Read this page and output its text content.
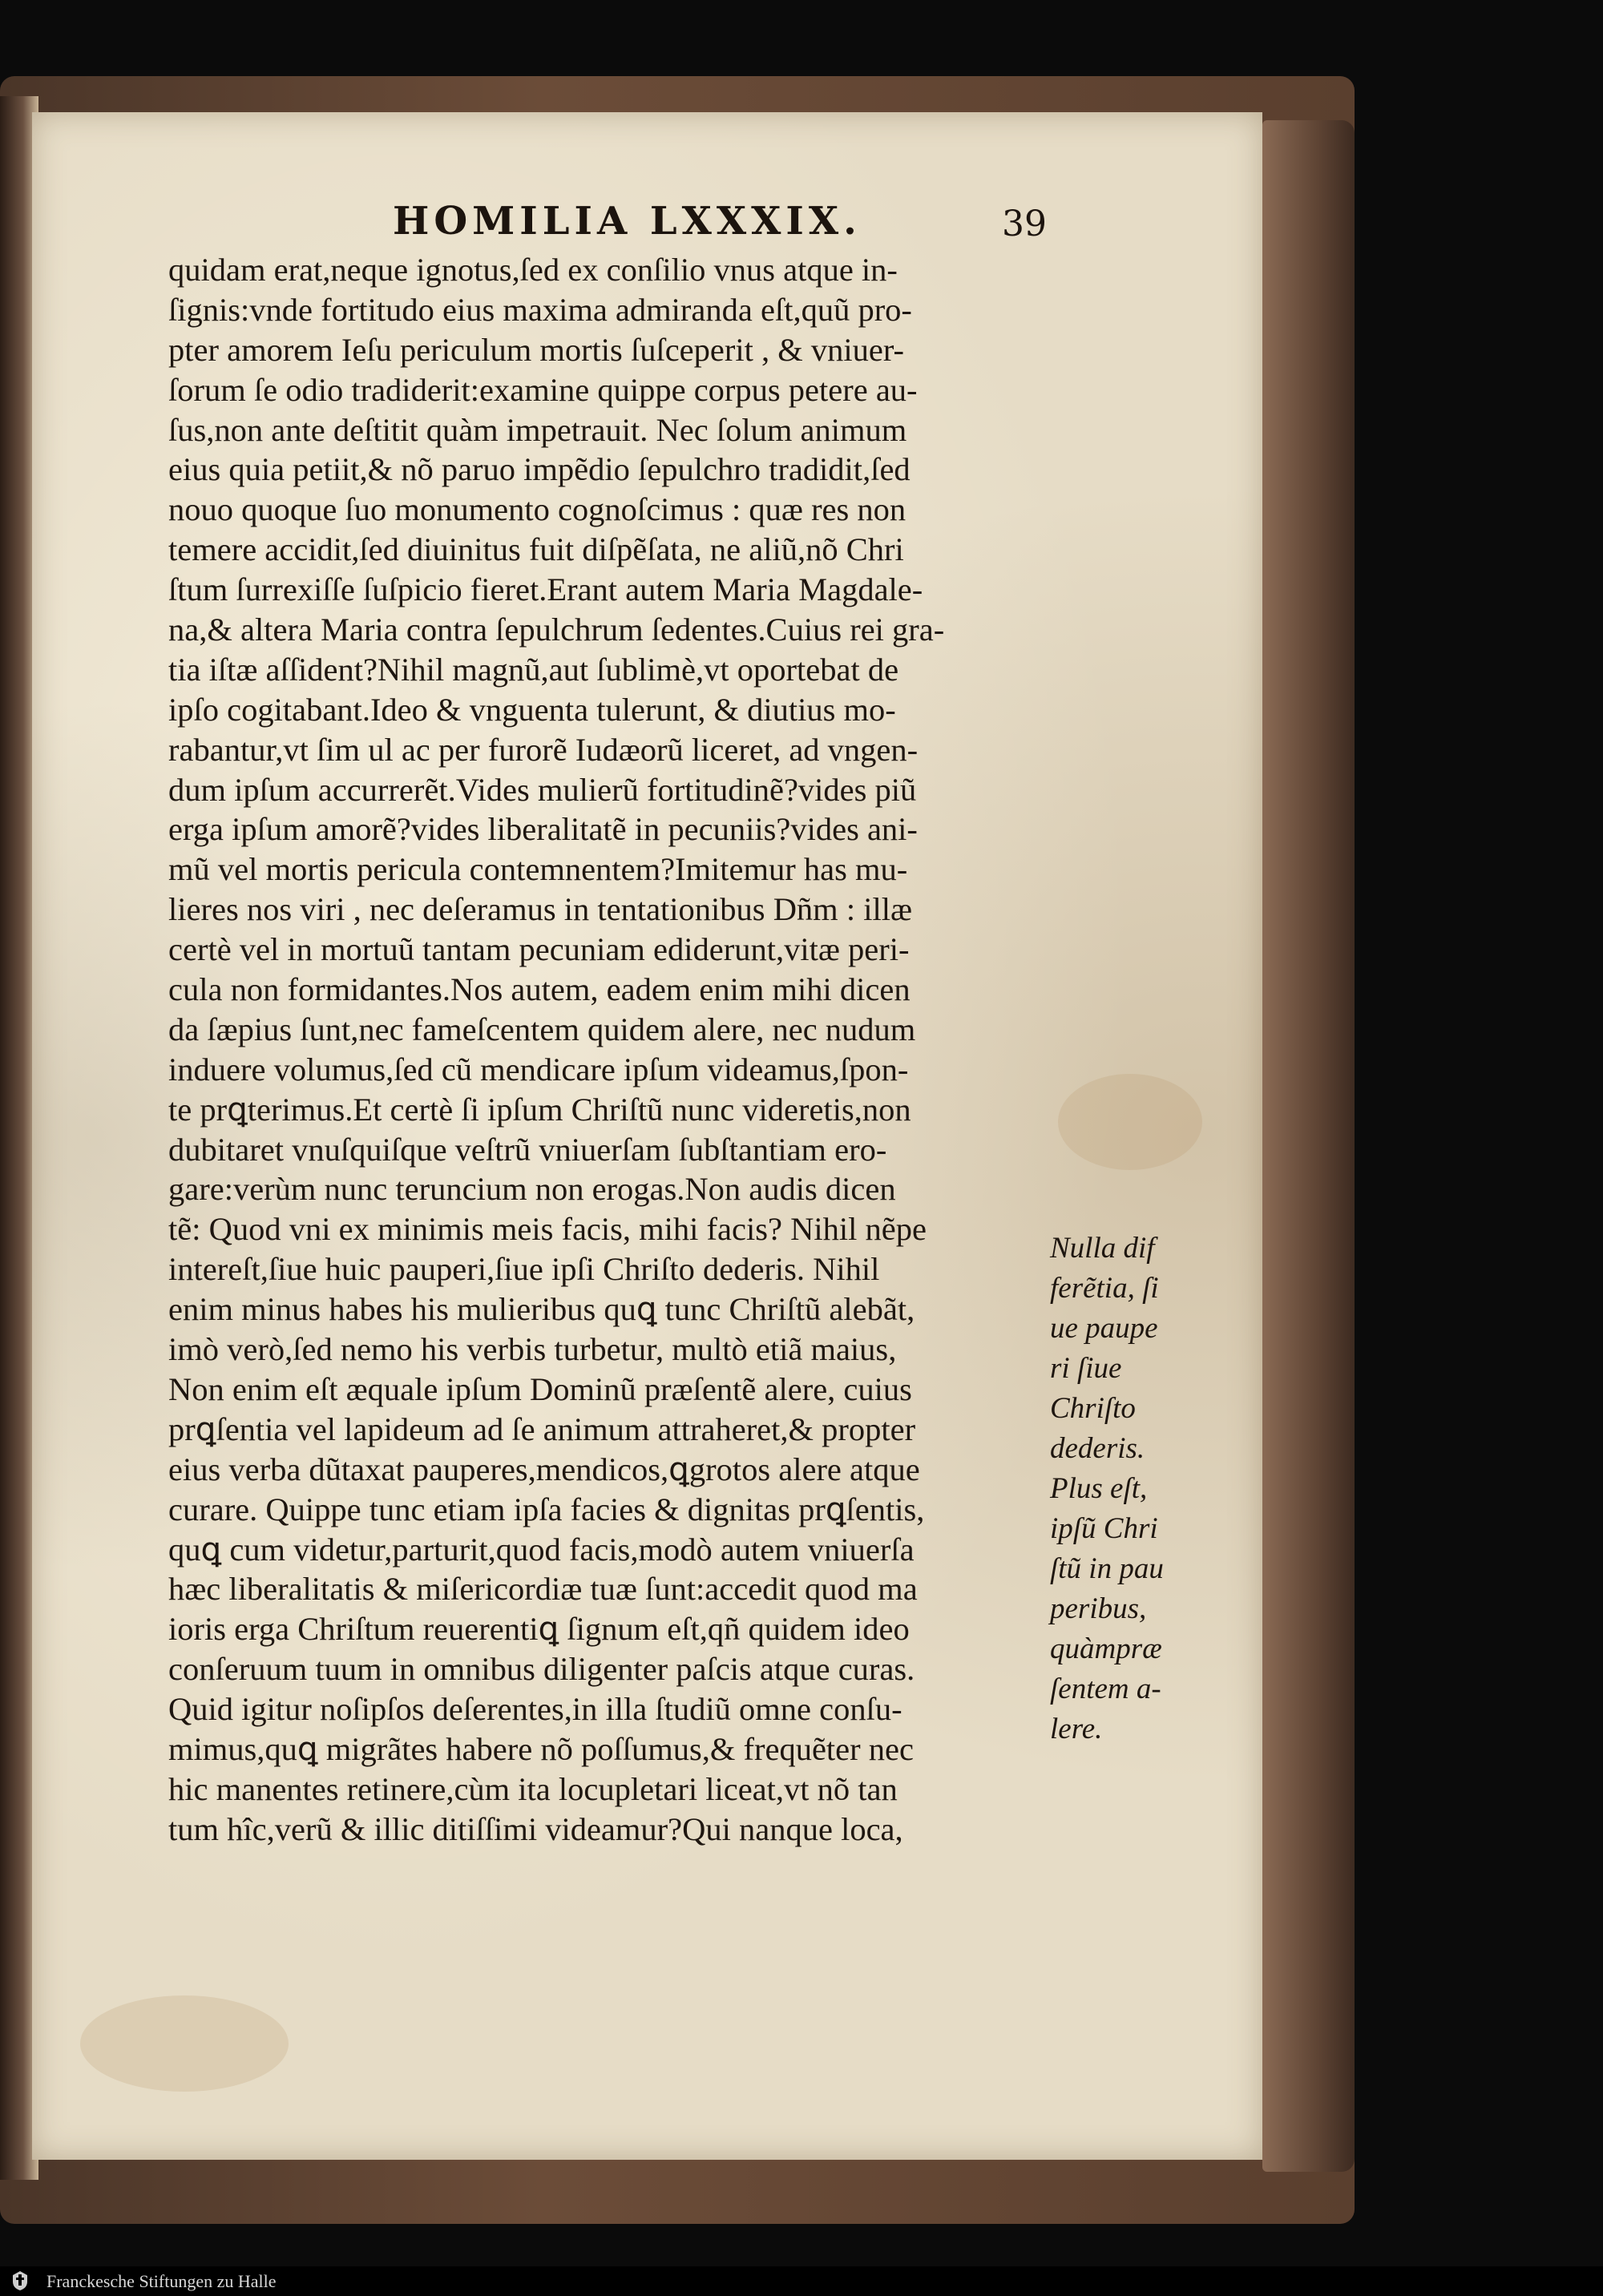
HOMILIA LXXXIX.	39
quidam erat,neque ignotus,ſed ex conſilio vnus atque in-
ſignis:vnde fortitudo eius maxima admiranda eſt,quũ pro-
pter amorem Ieſu periculum mortis ſuſceperit , & vniuer-
ſorum ſe odio tradiderit:examine quippe corpus petere au-
ſus,non ante deſtitit quàm impetrauit. Nec ſolum animum
eius quia petiit,& nõ paruo impẽdio ſepulchro tradidit,ſed
nouo quoque ſuo monumento cognoſcimus : quæ res non
temere accidit,ſed diuinitus fuit diſpẽſata, ne aliũ,nõ Chri
ſtum ſurrexiſſe ſuſpicio fieret.Erant autem Maria Magdale-
na,& altera Maria contra ſepulchrum ſedentes.Cuius rei gra-
tia iſtæ aſſident?Nihil magnũ,aut ſublimè,vt oportebat de
ipſo cogitabant.Ideo & vnguenta tulerunt, & diutius mo-
rabantur,vt ſim ul ac per furorẽ Iudæorũ liceret, ad vngen-
dum ipſum accurrerẽt.Vides mulierũ fortitudinẽ?vides piũ
erga ipſum amorẽ?vides liberalitatẽ in pecuniis?vides ani-
mũ vel mortis pericula contemnentem?Imitemur has mu-
lieres nos viri , nec deſeramus in tentationibus Dñm : illæ
certè vel in mortuũ tantam pecuniam ediderunt,vitæ peri-
cula non formidantes.Nos autem, eadem enim mihi dicen
da ſæpius ſunt,nec fameſcentem quidem alere, nec nudum
induere volumus,ſed cũ mendicare ipſum videamus,ſpon-
te prꝗterimus.Et certè ſi ipſum Chriſtũ nunc videretis,non
dubitaret vnuſquiſque veſtrũ vniuerſam ſubſtantiam ero-
gare:verùm nunc teruncium non erogas.Non audis dicen
tẽ: Quod vni ex minimis meis facis, mihi facis? Nihil nẽpe
intereſt,ſiue huic pauperi,ſiue ipſi Chriſto dederis. Nihil
enim minus habes his mulieribus quꝗ tunc Chriſtũ alebãt,
imò verò,ſed nemo his verbis turbetur, multò etiã maius,
Non enim eſt æquale ipſum Dominũ præſentẽ alere, cuius
prꝗſentia vel lapideum ad ſe animum attraheret,& propter
eius verba dũtaxat pauperes,mendicos,ꝗgrotos alere atque
curare. Quippe tunc etiam ipſa facies & dignitas prꝗſentis,
quꝗ cum videtur,parturit,quod facis,modò autem vniuerſa
hæc liberalitatis & miſericordiæ tuæ ſunt:accedit quod ma
ioris erga Chriſtum reuerentiꝗ ſignum eſt,qñ quidem ideo
conſeruum tuum in omnibus diligenter paſcis atque curas.
Quid igitur noſipſos deſerentes,in illa ſtudiũ omne conſu-
mimus,quꝗ migrãtes habere nõ poſſumus,& frequẽter nec
hic manentes retinere,cùm ita locupletari liceat,vt nõ tan
tum hîc,verũ & illic ditiſſimi videamur?Qui nanque loca,
Nulla dif
ferẽtia, ſi
ue paupe
ri ſiue
Chriſto
dederis.
Plus eſt,
ipſũ Chri
ſtũ in pau
peribus,
quàmpræ
ſentem a-
lere.
Franckesche Stiftungen zu Halle
